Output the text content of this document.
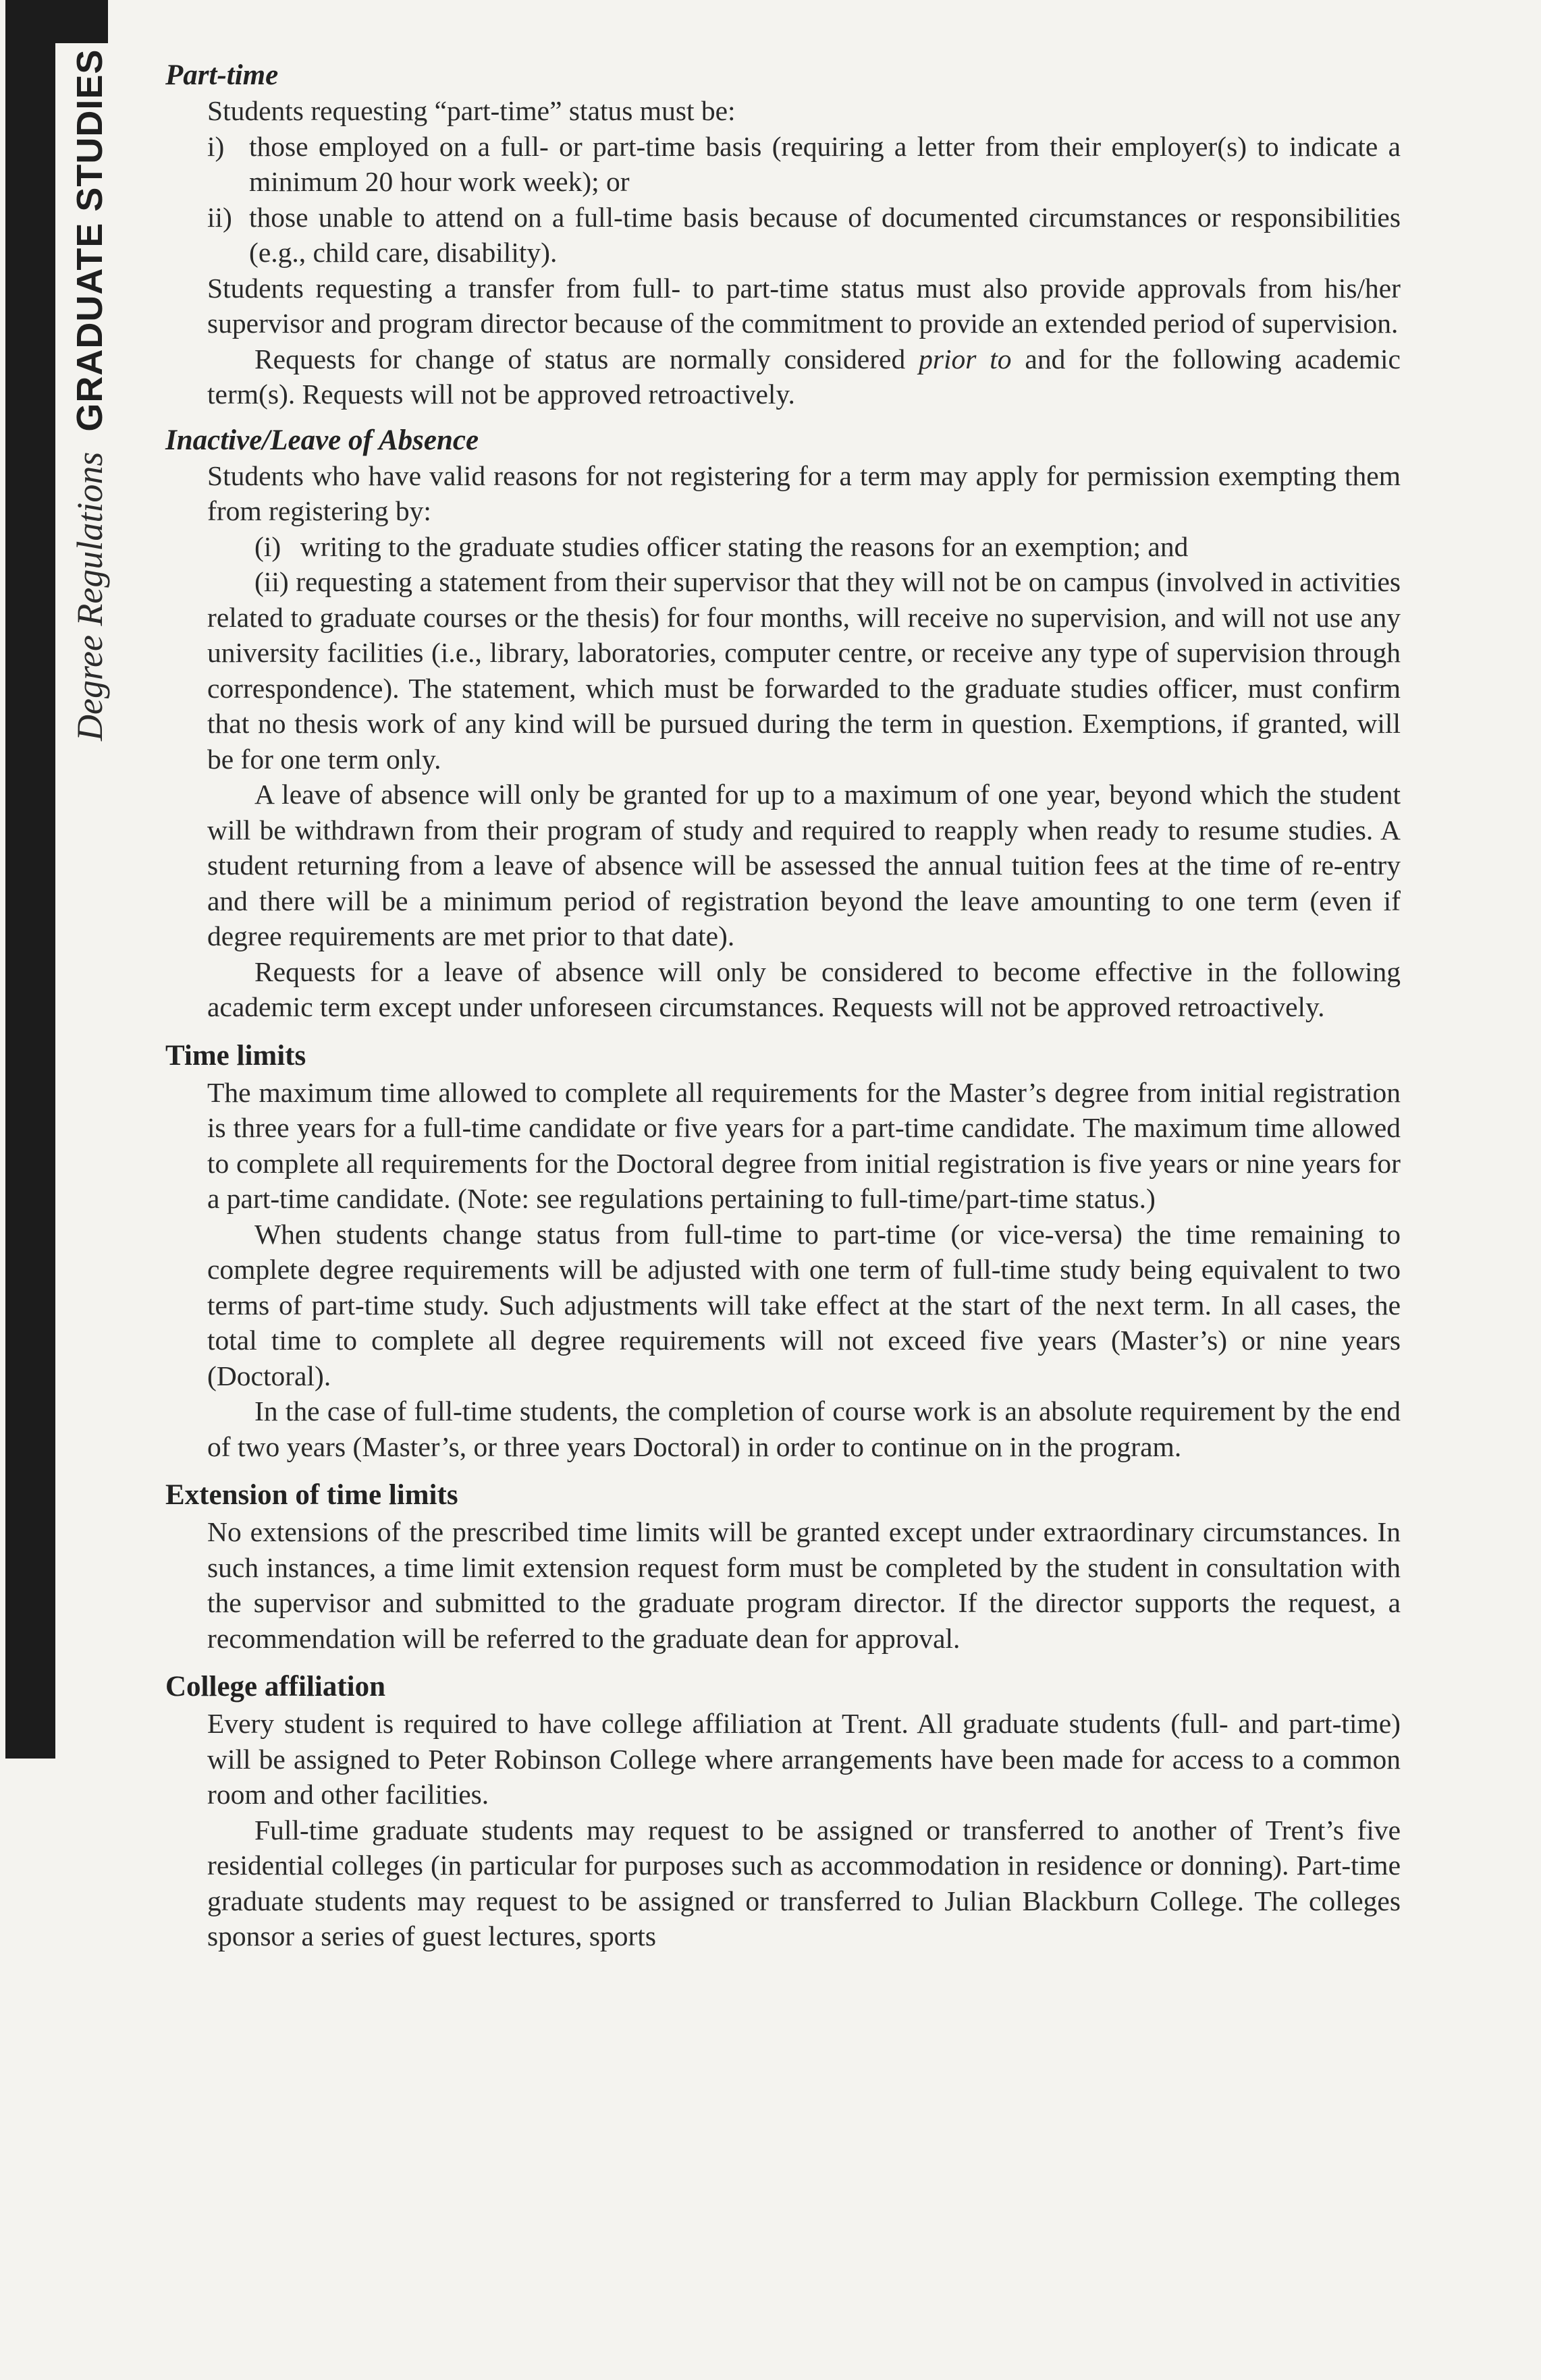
Degree Regulations
GRADUATE STUDIES Part-time

Students requesting “part-time” status must be:

i) those employed on a full- or part-time basis (requiring a letter from their employer(s) to indicate a minimum 20 hour work week); or
ii) those unable to attend on a full-time basis because of documented circumstances or responsibilities (e.g., child care, disability).

Students requesting a transfer from full- to part-time status must also provide approvals from his/her supervisor and program director because of the commitment to provide an extended period of supervision.

Requests for change of status are normally considered prior to and for the following academic term(s). Requests will not be approved retroactively.

Inactive/Leave of Absence

Students who have valid reasons for not registering for a term may apply for permission exempting them from registering by:

(i) writing to the graduate studies officer stating the reasons for an exemption; and

(ii) requesting a statement from their supervisor that they will not be on campus (involved in activities related to graduate courses or the thesis) for four months, will receive no supervision, and will not use any university facilities (i.e., library, laboratories, computer centre, or receive any type of supervision through correspondence). The statement, which must be forwarded to the graduate studies officer, must confirm that no thesis work of any kind will be pursued during the term in question. Exemptions, if granted, will be for one term only.

A leave of absence will only be granted for up to a maximum of one year, beyond which the student will be withdrawn from their program of study and required to reapply when ready to resume studies. A student returning from a leave of absence will be assessed the annual tuition fees at the time of re-entry and there will be a minimum period of registration beyond the leave amounting to one term (even if degree requirements are met prior to that date).

Requests for a leave of absence will only be considered to become effective in the following academic term except under unforeseen circumstances. Requests will not be approved retroactively.

Time limits

The maximum time allowed to complete all requirements for the Master’s degree from initial registration is three years for a full-time candidate or five years for a part-time candidate. The maximum time allowed to complete all requirements for the Doctoral degree from initial registration is five years or nine years for a part-time candidate. (Note: see regulations pertaining to full-time/part-time status.)

When students change status from full-time to part-time (or vice-versa) the time remaining to complete degree requirements will be adjusted with one term of full-time study being equivalent to two terms of part-time study. Such adjustments will take effect at the start of the next term. In all cases, the total time to complete all degree requirements will not exceed five years (Master’s) or nine years (Doctoral).

In the case of full-time students, the completion of course work is an absolute requirement by the end of two years (Master’s, or three years Doctoral) in order to continue on in the program.

Extension of time limits

No extensions of the prescribed time limits will be granted except under extraordinary circumstances. In such instances, a time limit extension request form must be completed by the student in consultation with the supervisor and submitted to the graduate program director. If the director supports the request, a recommendation will be referred to the graduate dean for approval.

College affiliation

Every student is required to have college affiliation at Trent. All graduate students (full- and part-time) will be assigned to Peter Robinson College where arrangements have been made for access to a common room and other facilities.

Full-time graduate students may request to be assigned or transferred to another of Trent’s five residential colleges (in particular for purposes such as accommodation in residence or donning). Part-time graduate students may request to be assigned or transferred to Julian Blackburn College. The colleges sponsor a series of guest lectures, sports
